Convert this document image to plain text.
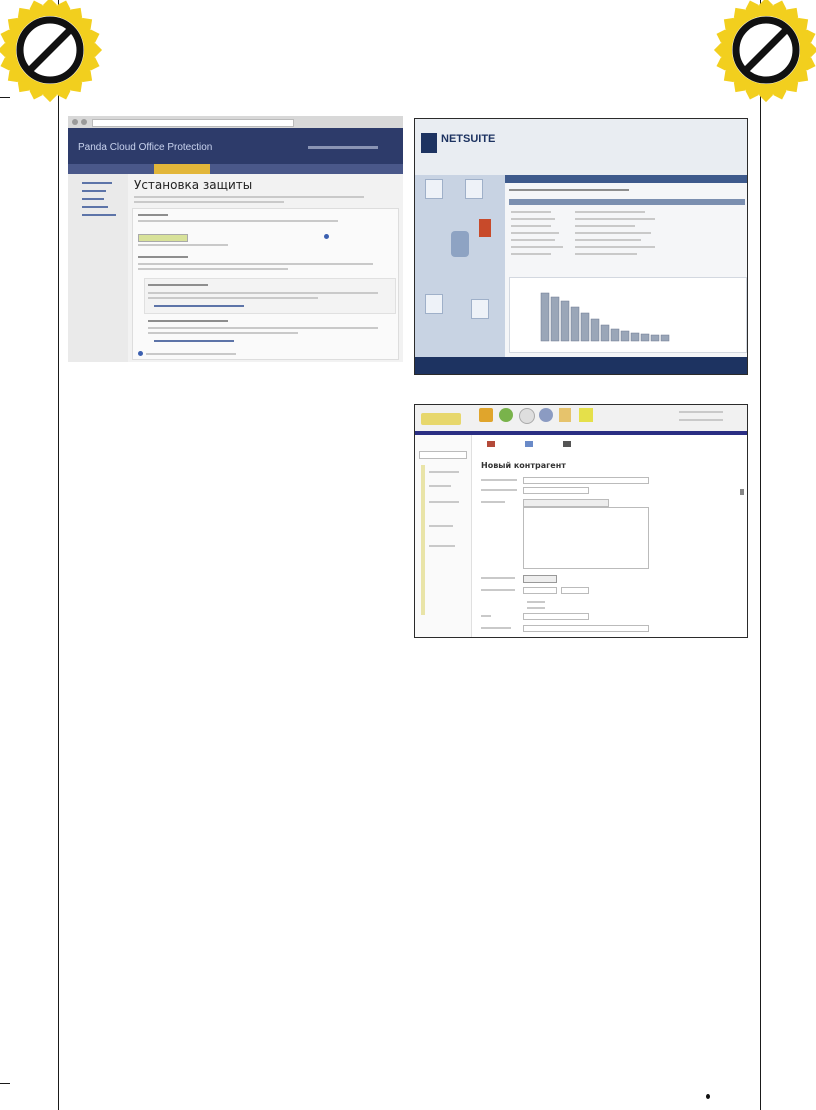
Panda Cloud Office Protection
Установка защиты
NETSUITE
Новый контрагент
